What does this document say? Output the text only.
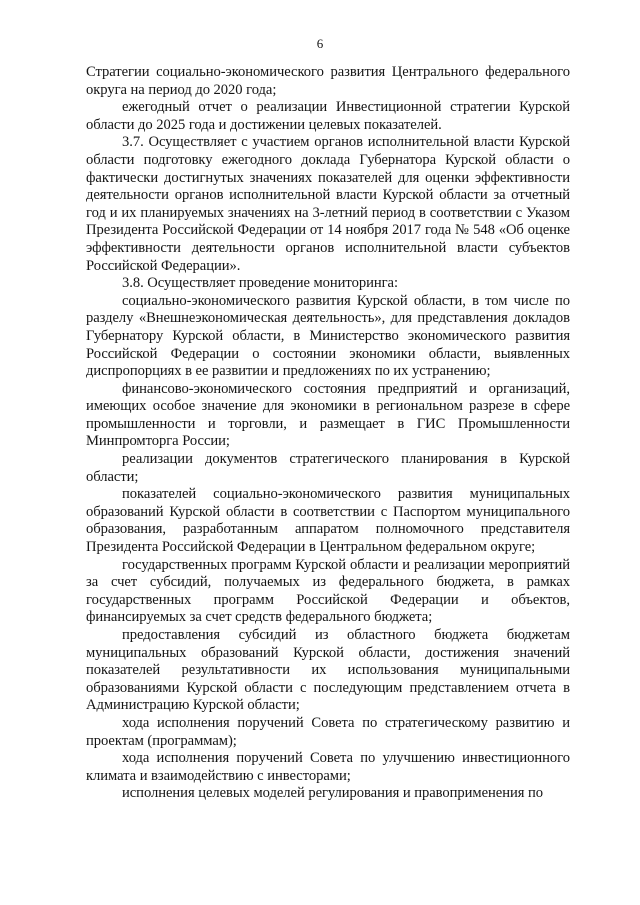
6

Стратегии социально-экономического развития Центрального федерального округа на период до 2020 года;

ежегодный отчет о реализации Инвестиционной стратегии Курской области до 2025 года и достижении целевых показателей.

3.7. Осуществляет с участием органов исполнительной власти Курской области подготовку ежегодного доклада Губернатора Курской области о фактически достигнутых значениях показателей для оценки эффективности деятельности органов исполнительной власти Курской области за отчетный год и их планируемых значениях на 3-летний период в соответствии с Указом Президента Российской Федерации от 14 ноября 2017 года № 548 «Об оценке эффективности деятельности органов исполнительной власти субъектов Российской Федерации».

3.8. Осуществляет проведение мониторинга:

социально-экономического развития Курской области, в том числе по разделу «Внешнеэкономическая деятельность», для представления докладов Губернатору Курской области, в Министерство экономического развития Российской Федерации о состоянии экономики области, выявленных диспропорциях в ее развитии и предложениях по их устранению;

финансово-экономического состояния предприятий и организаций, имеющих особое значение для экономики в региональном разрезе в сфере промышленности и торговли, и размещает в ГИС Промышленности Минпромторга России;

реализации документов стратегического планирования в Курской области;

показателей социально-экономического развития муниципальных образований Курской области в соответствии с Паспортом муниципального образования, разработанным аппаратом полномочного представителя Президента Российской Федерации в Центральном федеральном округе;

государственных программ Курской области и реализации мероприятий за счет субсидий, получаемых из федерального бюджета, в рамках государственных программ Российской Федерации и объектов, финансируемых за счет средств федерального бюджета;

предоставления субсидий из областного бюджета бюджетам муниципальных образований Курской области, достижения значений показателей результативности их использования муниципальными образованиями Курской области с последующим представлением отчета в Администрацию Курской области;

хода исполнения поручений Совета по стратегическому развитию и проектам (программам);

хода исполнения поручений Совета по улучшению инвестиционного климата и взаимодействию с инвесторами;

исполнения целевых моделей регулирования и правоприменения по
